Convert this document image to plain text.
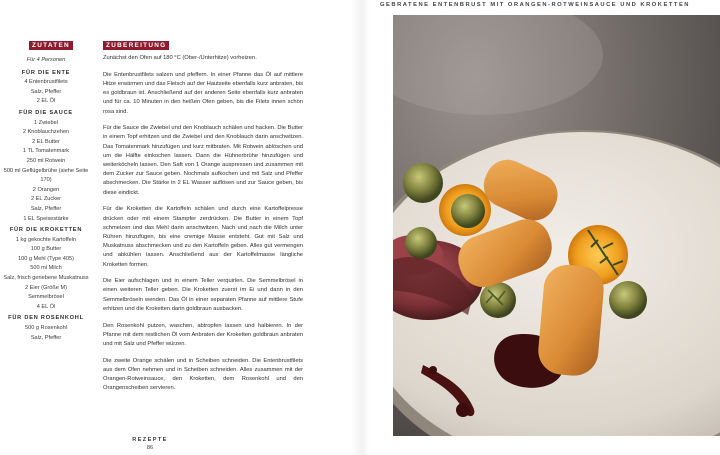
ZUTATEN	ZUBEREITUNG
Für 4 Personen
FÜR DIE ENTE
4 Entenbrustfilets
Salz, Pfeffer
2 EL Öl
FÜR DIE SAUCE
1 Zwiebel
2 Knoblauchzehen
2 EL Butter
1 TL Tomatenmark
250 ml Rotwein
500 ml Geflügelbrühe (siehe Seite 170)
2 Orangen
2 EL Zucker
Salz, Pfeffer
1 EL Speisestärke
FÜR DIE KROKETTEN
1 kg gekochte Kartoffeln
100 g Butter
100 g Mehl (Type 405)
500 ml Milch
Salz, frisch geriebene Muskatnuss
2 Eier (Größe M)
Semmelbrösel
4 EL Öl
FÜR DEN ROSENKOHL
500 g Rosenkohl
Salz, Pfeffer

Zunächst den Ofen auf 180 °C (Ober-/Unterhitze) vorheizen.

Die Entenbrustfilets salzen und pfeffern. In einer Pfanne das Öl auf mittlere Hitze erwärmen und das Fleisch auf der Hautseite ebenfalls kurz anbraten, bis es goldbraun ist. Anschließend auf der anderen Seite ebenfalls kurz anbraten und für ca. 10 Minuten in den heißen Ofen geben, bis die Filets innen schön rosa sind.

Für die Sauce die Zwiebel und den Knoblauch schälen und hacken. Die Butter in einem Topf erhitzen und die Zwiebel und den Knoblauch darin anschwitzen. Das Tomatenmark hinzufügen und kurz mitbraten. Mit Rotwein ablöschen und um die Hälfte einkochen lassen. Dann die Hühnerbrühe hinzufügen und weiterköcheln lassen. Den Saft von 1 Orange auspressen und zusammen mit dem Zucker zur Sauce geben. Nochmals aufkochen und mit Salz und Pfeffer abschmecken. Die Stärke in 2 EL Wasser auflösen und zur Sauce geben, bis diese eindickt.

Für die Kroketten die Kartoffeln schälen und durch eine Kartoffelpresse drücken oder mit einem Stampfer zerdrücken. Die Butter in einem Topf schmelzen und das Mehl darin anschwitzen. Nach und nach die Milch unter Rühren hinzufügen, bis eine cremige Masse entsteht. Gut mit Salz und Muskatnuss abschmecken und zu den Kartoffeln geben. Alles gut vermengen und abkühlen lassen. Anschließend aus der Kartoffelmasse längliche Kroketten formen.

Die Eier aufschlagen und in einem Teller verquirlen. Die Semmelbrösel in einen weiteren Teller geben. Die Kroketten zuerst im Ei und dann in den Semmelbröseln wenden. Das Öl in einer separaten Pfanne auf mittlere Stufe erhitzen und die Kroketten darin goldbraun ausbacken.

Den Rosenkohl putzen, waschen, abtropfen lassen und halbieren. In der Pfanne mit dem restlichen Öl vom Anbraten der Kroketten goldbraun anbraten und mit Salz und Pfeffer würzen.

Die zweite Orange schälen und in Scheiben schneiden. Die Entenbrustfilets aus dem Ofen nehmen und in Scheiben schneiden. Alles zusammen mit der Orangen-Rotweinsauce, den Kroketten, dem Rosenkohl und den Orangenscheiben servieren.

REZEPTE
86
GEBRATENE ENTENBRUST MIT ORANGEN-ROTWEINSAUCE UND KROKETTEN
